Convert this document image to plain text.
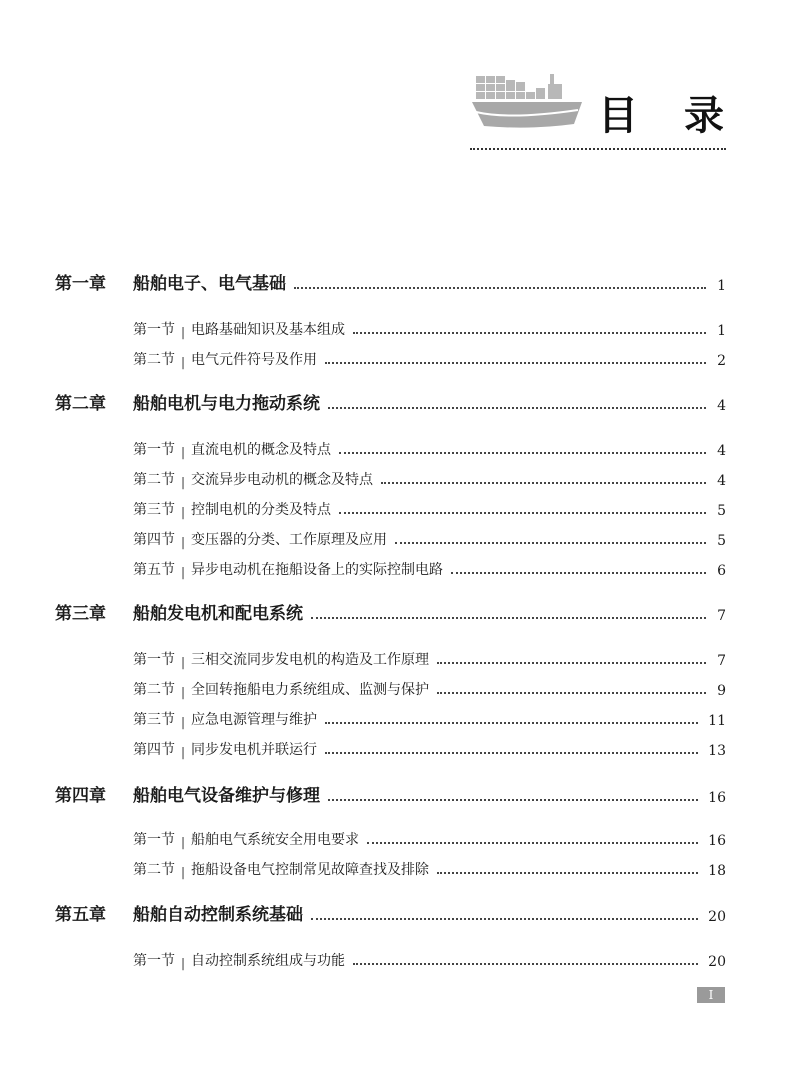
目 录
第一章	船舶电子、电气基础	1
第一节 | 电路基础知识及基本组成	1
第二节 | 电气元件符号及作用	2
第二章	船舶电机与电力拖动系统	4
第一节 | 直流电机的概念及特点	4
第二节 | 交流异步电动机的概念及特点	4
第三节 | 控制电机的分类及特点	5
第四节 | 变压器的分类、工作原理及应用	5
第五节 | 异步电动机在拖船设备上的实际控制电路	6
第三章	船舶发电机和配电系统	7
第一节 | 三相交流同步发电机的构造及工作原理	7
第二节 | 全回转拖船电力系统组成、监测与保护	9
第三节 | 应急电源管理与维护	11
第四节 | 同步发电机并联运行	13
第四章	船舶电气设备维护与修理	16
第一节 | 船舶电气系统安全用电要求	16
第二节 | 拖船设备电气控制常见故障查找及排除	18
第五章	船舶自动控制系统基础	20
第一节 | 自动控制系统组成与功能	20
I
